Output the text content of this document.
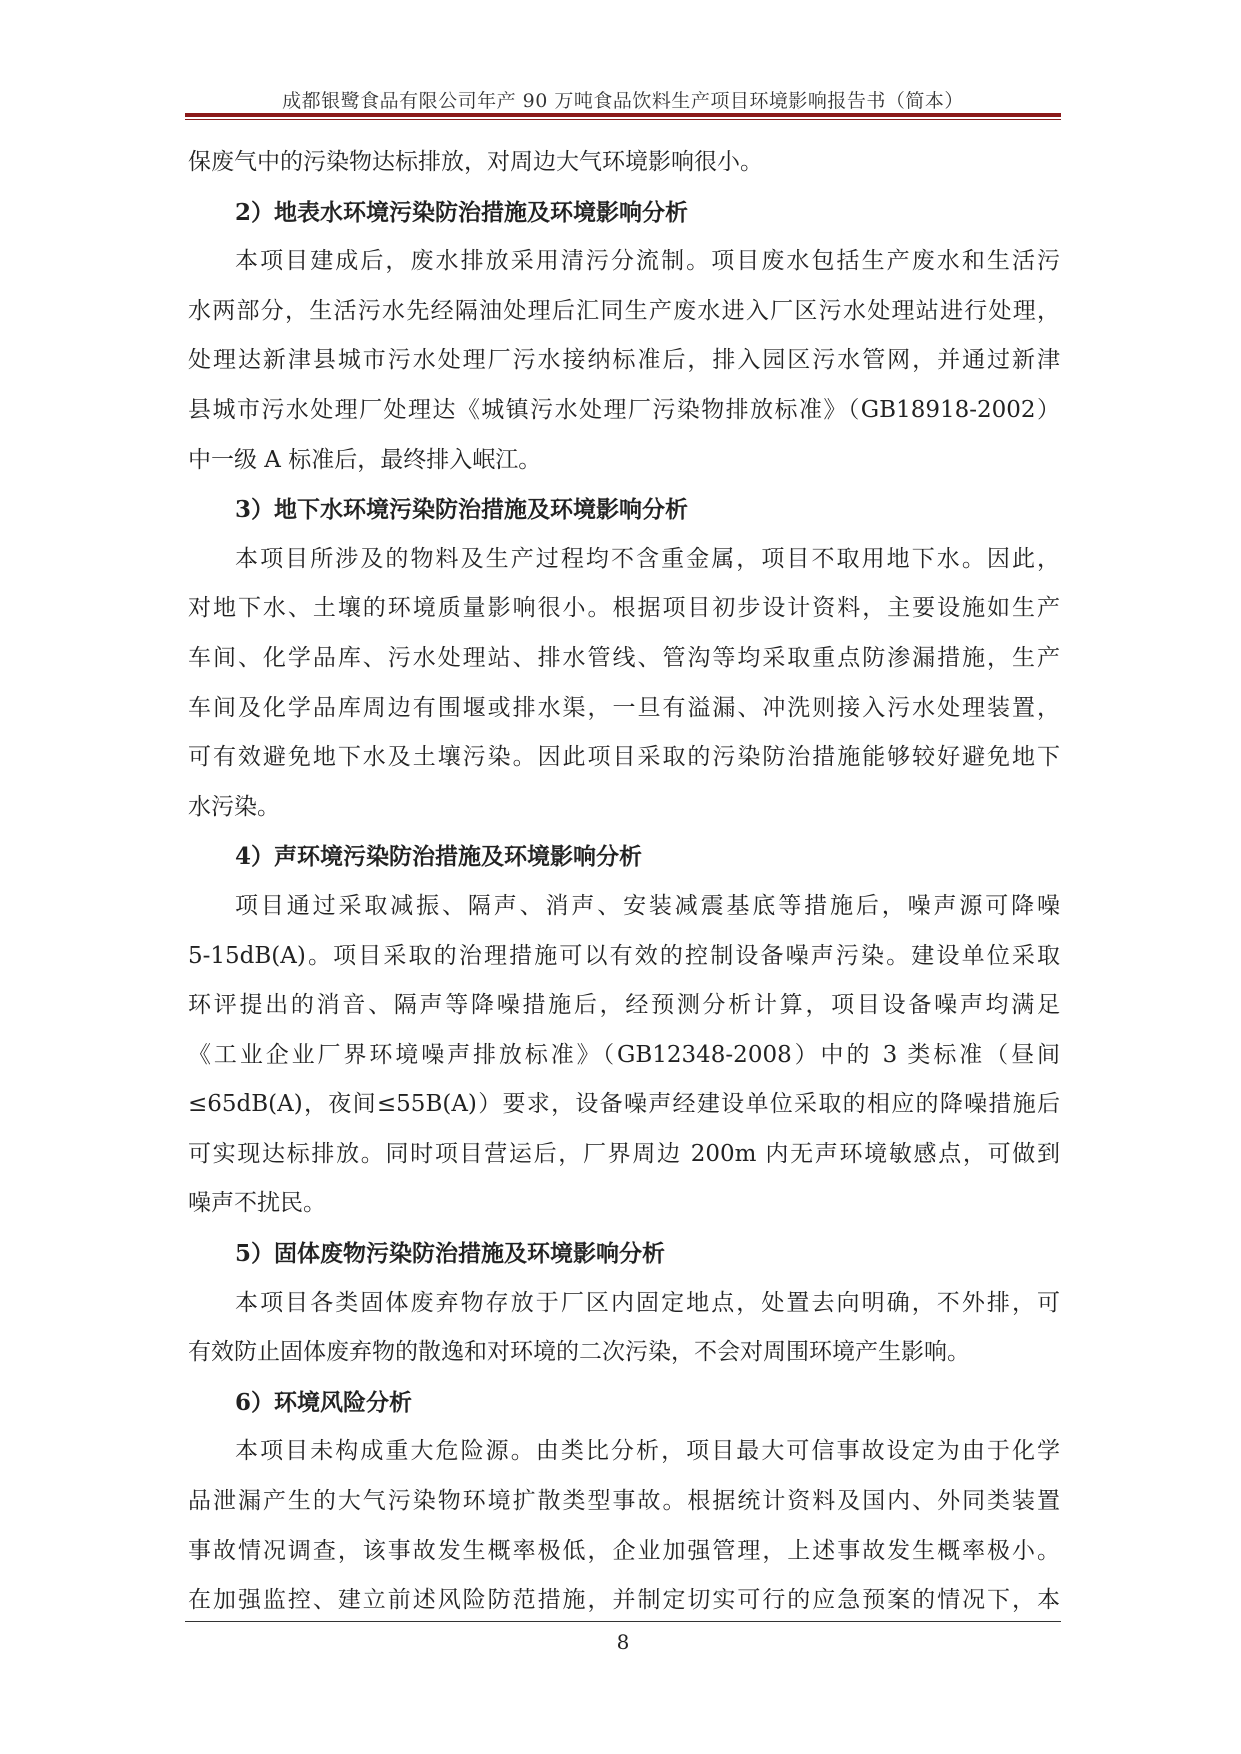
成都银鹭食品有限公司年产 90 万吨食品饮料生产项目环境影响报告书（简本）
保废气中的污染物达标排放，对周边大气环境影响很小。
2）地表水环境污染防治措施及环境影响分析
本项目建成后，废水排放采用清污分流制。项目废水包括生产废水和生活污
水两部分，生活污水先经隔油处理后汇同生产废水进入厂区污水处理站进行处理，
处理达新津县城市污水处理厂污水接纳标准后，排入园区污水管网，并通过新津
县城市污水处理厂处理达《城镇污水处理厂污染物排放标准》（GB18918-2002）
中一级 A 标准后，最终排入岷江。
3）地下水环境污染防治措施及环境影响分析
本项目所涉及的物料及生产过程均不含重金属，项目不取用地下水。因此，
对地下水、土壤的环境质量影响很小。根据项目初步设计资料，主要设施如生产
车间、化学品库、污水处理站、排水管线、管沟等均采取重点防渗漏措施，生产
车间及化学品库周边有围堰或排水渠，一旦有溢漏、冲洗则接入污水处理装置，
可有效避免地下水及土壤污染。因此项目采取的污染防治措施能够较好避免地下
水污染。
4）声环境污染防治措施及环境影响分析
项目通过采取减振、隔声、消声、安装减震基底等措施后，噪声源可降噪
5-15dB(A)。项目采取的治理措施可以有效的控制设备噪声污染。建设单位采取
环评提出的消音、隔声等降噪措施后，经预测分析计算，项目设备噪声均满足
《工业企业厂界环境噪声排放标准》（GB12348-2008）中的 3 类标准（昼间
≤65dB(A)，夜间≤55B(A)）要求，设备噪声经建设单位采取的相应的降噪措施后
可实现达标排放。同时项目营运后，厂界周边 200m 内无声环境敏感点，可做到
噪声不扰民。
5）固体废物污染防治措施及环境影响分析
本项目各类固体废弃物存放于厂区内固定地点，处置去向明确，不外排，可
有效防止固体废弃物的散逸和对环境的二次污染，不会对周围环境产生影响。
6）环境风险分析
本项目未构成重大危险源。由类比分析，项目最大可信事故设定为由于化学
品泄漏产生的大气污染物环境扩散类型事故。根据统计资料及国内、外同类装置
事故情况调查，该事故发生概率极低，企业加强管理，上述事故发生概率极小。
在加强监控、建立前述风险防范措施，并制定切实可行的应急预案的情况下，本
8
